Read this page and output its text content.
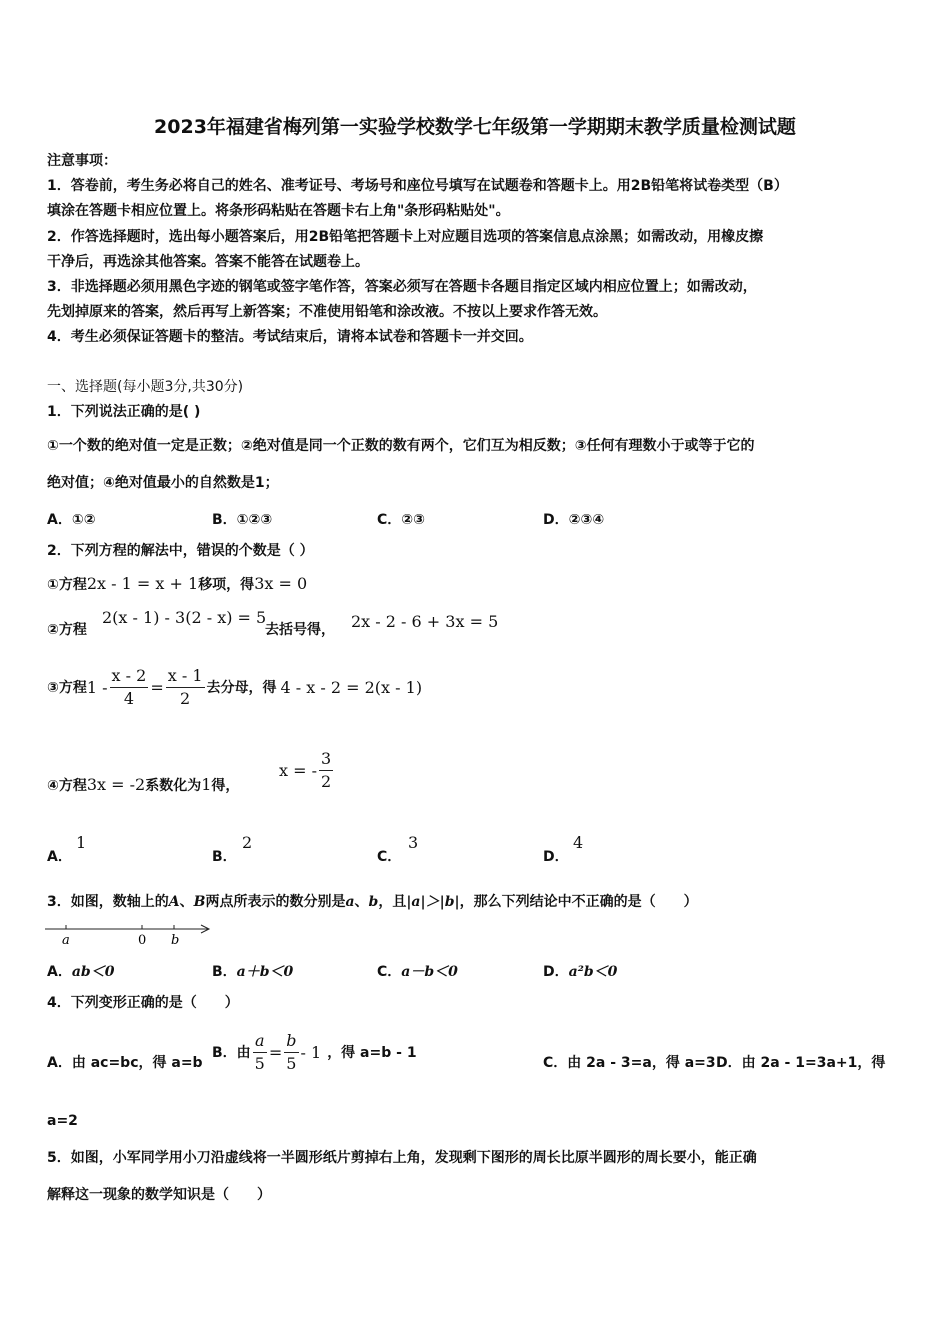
2023年福建省梅列第一实验学校数学七年级第一学期期末教学质量检测试题
注意事项：
1．答卷前，考生务必将自己的姓名、准考证号、考场号和座位号填写在试题卷和答题卡上。用2B铅笔将试卷类型（B）
填涂在答题卡相应位置上。将条形码粘贴在答题卡右上角"条形码粘贴处"。
2．作答选择题时，选出每小题答案后，用2B铅笔把答题卡上对应题目选项的答案信息点涂黑；如需改动，用橡皮擦
干净后，再选涂其他答案。答案不能答在试题卷上。
3．非选择题必须用黑色字迹的钢笔或签字笔作答，答案必须写在答题卡各题目指定区域内相应位置上；如需改动，
先划掉原来的答案，然后再写上新答案；不准使用铅笔和涂改液。不按以上要求作答无效。
4．考生必须保证答题卡的整洁。考试结束后，请将本试卷和答题卡一并交回。
一、选择题(每小题3分,共30分)
1．下列说法正确的是( )
①一个数的绝对值一定是正数；②绝对值是同一个正数的数有两个，它们互为相反数；③任何有理数小于或等于它的
绝对值；④绝对值最小的自然数是1；
A．①②	B．①②③	C．②③	D．②③④
2．下列方程的解法中，错误的个数是（ ）
①方程2x - 1 = x + 1移项，得3x = 0
②方程
2(x - 1) - 3(2 - x) = 5
去括号得， 2x - 2 - 6 + 3x = 5
③方程 $1 - \frac{x - 2}{4} = \frac{x - 1}{2}$ 去分母，得 4 - x - 2 = 2(x - 1)
④方程3x = -2系数化为1得，
x = - $\frac{3}{2}$
A．
1
B．
2
C．
3
D．
4
3．如图，数轴上的A、B两点所表示的数分别是a、b，且|a|＞|b|，那么下列结论中不正确的是（　　）
a	0 b
A．ab＜0	B．a＋b＜0	C．a－b＜0	D．a²b＜0
4．下列变形正确的是（　　）
A．由 ac=bc，得 a=b
B．由 $\frac{a}{5} = \frac{b}{5} - 1$ ，得 a=b - 1
C．由 2a - 3=a，得 a=3 D．由 2a - 1=3a+1，得
a=2
5．如图，小军同学用小刀沿虚线将一半圆形纸片剪掉右上角，发现剩下图形的周长比原半圆形的周长要小，能正确
解释这一现象的数学知识是（　　）
